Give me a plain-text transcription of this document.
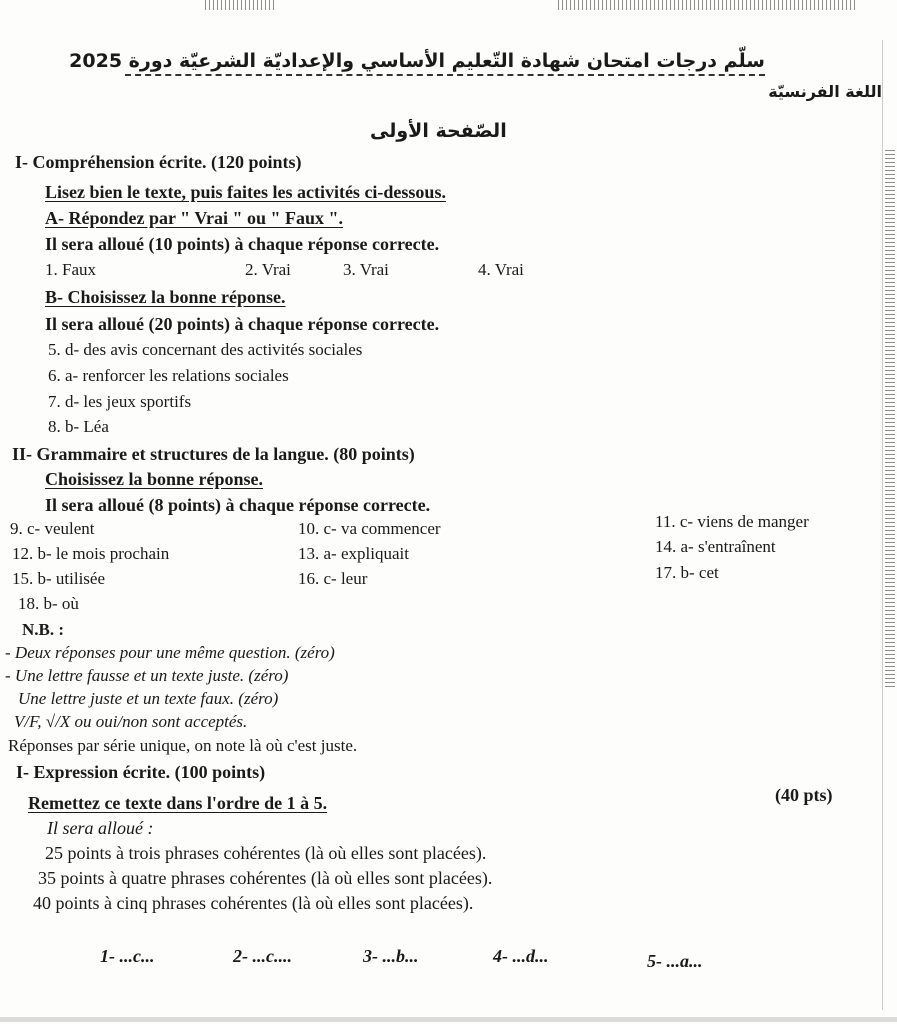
سلّم درجات امتحان شهادة التّعليم الأساسي والإعداديّة الشرعيّة دورة 2025
اللغة الفرنسيّة
الصّفحة الأولى
I- Compréhension écrite. (120 points)
Lisez bien le texte, puis faites les activités ci-dessous.
A- Répondez par " Vrai " ou " Faux ".
Il sera alloué (10 points) à chaque réponse correcte.
1. Faux	2. Vrai	3. Vrai	4. Vrai
B- Choisissez la bonne réponse.
Il sera alloué (20 points) à chaque réponse correcte.
5. d- des avis concernant des activités sociales
6. a- renforcer les relations sociales
7. d- les jeux sportifs
8. b- Léa
II- Grammaire et structures de la langue. (80 points)
Choisissez la bonne réponse.
Il sera alloué (8 points) à chaque réponse correcte.
9. c- veulent	10. c- va commencer	11. c- viens de manger
12. b- le mois prochain	13. a- expliquait	14. a- s'entraînent
15. b- utilisée	16. c- leur	17. b- cet
18. b- où
N.B. :
- Deux réponses pour une même question. (zéro)
- Une lettre fausse et un texte juste. (zéro)
Une lettre juste et un texte faux. (zéro)
V/F, √/X ou oui/non sont acceptés.
Réponses par série unique, on note là où c'est juste.
I- Expression écrite. (100 points)
Remettez ce texte dans l'ordre de 1 à 5.	(40 pts)
Il sera alloué :
25 points à trois phrases cohérentes (là où elles sont placées).
35 points à quatre phrases cohérentes (là où elles sont placées).
40 points à cinq phrases cohérentes (là où elles sont placées).
1- ...c...	2- ...c....	3- ...b...	4- ...d...	5- ...a...
